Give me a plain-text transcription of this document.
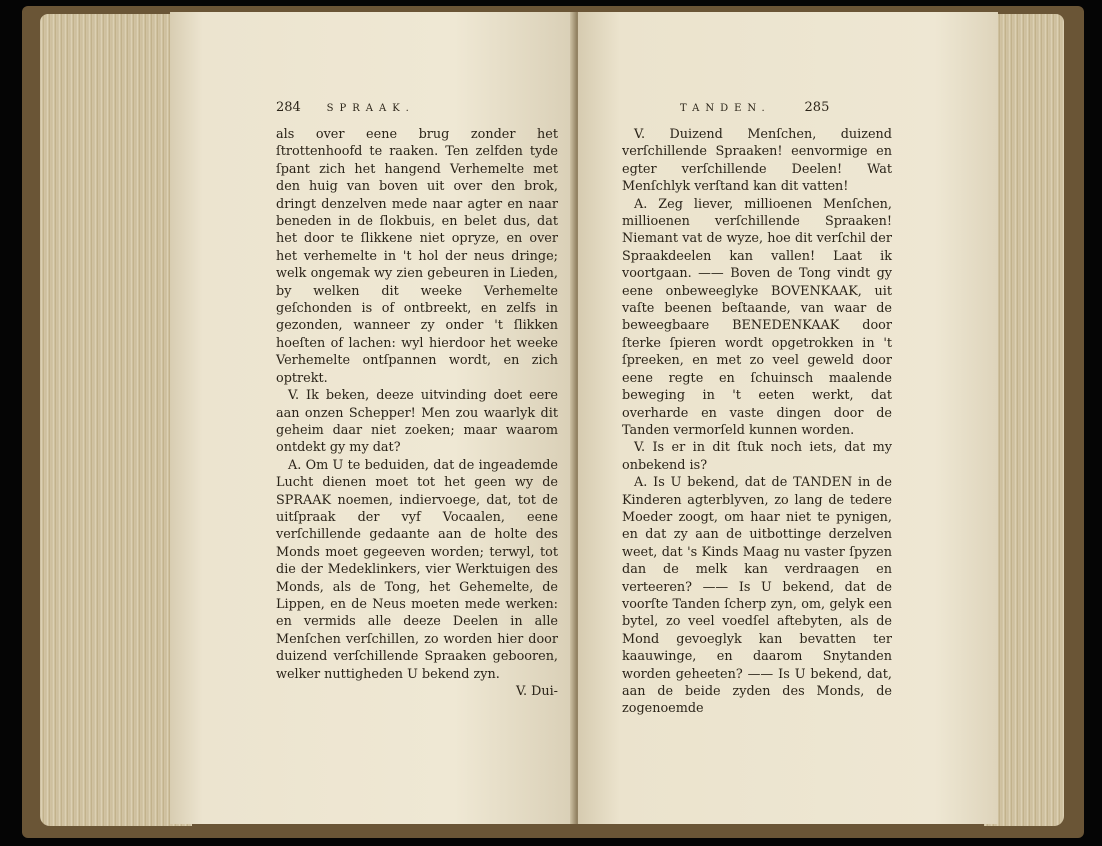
284	SPRAAK.

als over eene brug zonder het ſtrottenhoofd te raaken. Ten zelfden tyde ſpant zich het hangend Verhemelte met den huig van boven uit over den brok, dringt denzelven mede naar agter en naar beneden in de ſlokbuis, en belet dus, dat het door te ſlikkene niet opryze, en over het verhemelte in 't hol der neus dringe; welk ongemak wy zien gebeuren in Lieden, by welken dit weeke Verhemelte geſchonden is of ontbreekt, en zelfs in gezonden, wanneer zy onder 't ſlikken hoeſten of lachen: wyl hierdoor het weeke Verhemelte ontſpannen wordt, en zich optrekt.

V. Ik beken, deeze uitvinding doet eere aan onzen Schepper! Men zou waarlyk dit geheim daar niet zoeken; maar waarom ontdekt gy my dat?

A. Om U te beduiden, dat de ingeademde Lucht dienen moet tot het geen wy de SPRAAK noemen, indiervoege, dat, tot de uitſpraak der vyf Vocaalen, eene verſchillende gedaante aan de holte des Monds moet gegeeven worden; terwyl, tot die der Medeklinkers, vier Werktuigen des Monds, als de Tong, het Gehemelte, de Lippen, en de Neus moeten mede werken: en vermids alle deeze Deelen in alle Menſchen verſchillen, zo worden hier door duizend verſchillende Spraaken gebooren, welker nuttigheden U bekend zyn.

V. Dui-

TANDEN.	285

V. Duizend Menſchen, duizend verſchillende Spraaken! eenvormige en egter verſchillende Deelen! Wat Menſchlyk verſtand kan dit vatten!

A. Zeg liever, millioenen Menſchen, millioenen verſchillende Spraaken! Niemant vat de wyze, hoe dit verſchil der Spraakdeelen kan vallen! Laat ik voortgaan. —— Boven de Tong vindt gy eene onbeweeglyke BOVENKAAK, uit vaſte beenen beſtaande, van waar de beweegbaare BENEDENKAAK door ſterke ſpieren wordt opgetrokken in 't ſpreeken, en met zo veel geweld door eene regte en ſchuinsch maalende beweging in 't eeten werkt, dat overharde en vaste dingen door de Tanden vermorſeld kunnen worden.

V. Is er in dit ſtuk noch iets, dat my onbekend is?

A. Is U bekend, dat de TANDEN in de Kinderen agterblyven, zo lang de tedere Moeder zoogt, om haar niet te pynigen, en dat zy aan de uitbottinge derzelven weet, dat 's Kinds Maag nu vaster ſpyzen dan de melk kan verdraagen en verteeren? —— Is U bekend, dat de voorſte Tanden ſcherp zyn, om, gelyk een bytel, zo veel voedſel aftebyten, als de Mond gevoeglyk kan bevatten ter kaauwinge, en daarom Snytanden worden geheeten? —— Is U bekend, dat, aan de beide zyden des Monds, de zogenoemde
